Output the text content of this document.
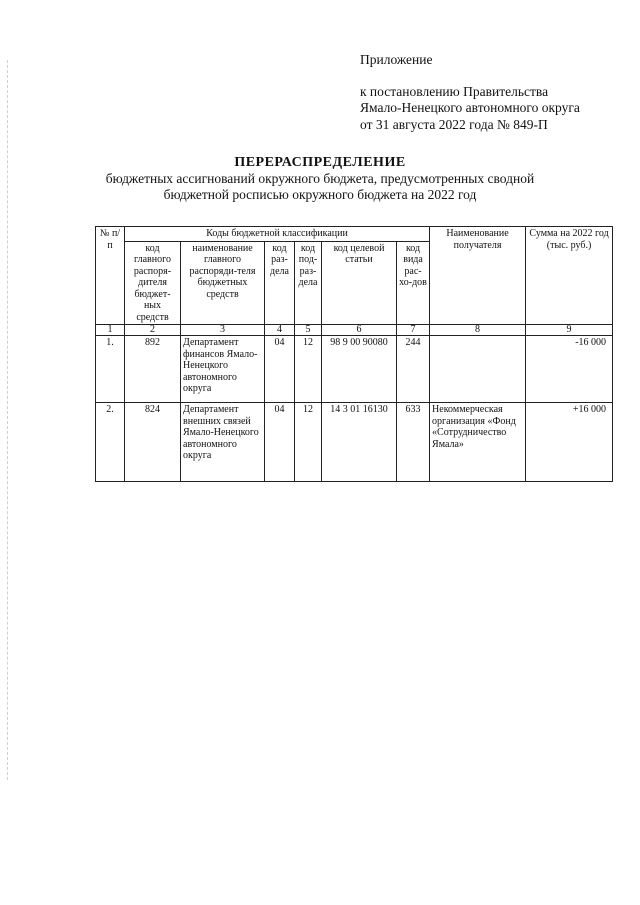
Приложение
к постановлению Правительства
Ямало-Ненецкого автономного округа
от 31 августа 2022 года № 849-П
ПЕРЕРАСПРЕДЕЛЕНИЕ
бюджетных ассигнований окружного бюджета, предусмотренных сводной
бюджетной росписью окружного бюджета на 2022 год
№ п/п	Коды бюджетной классификации						Наименование получателя	Сумма на 2022 год (тыс. руб.)
	код главного распоря-дителя бюджет-ных средств	наименование главного распоряди-теля бюджетных средств	код раз-дела	код под-раз-дела	код целевой статьи	код вида рас-хо-дов		
1	2	3	4	5	6	7	8	9
1.	892	Департамент финансов Ямало-Ненецкого автономного округа	04	12	98 9 00 90080	244		-16 000
2.	824	Департамент внешних связей Ямало-Ненецкого автономного округа	04	12	14 3 01 16130	633	Некоммерческая организация «Фонд «Сотрудничество Ямала»	+16 000
